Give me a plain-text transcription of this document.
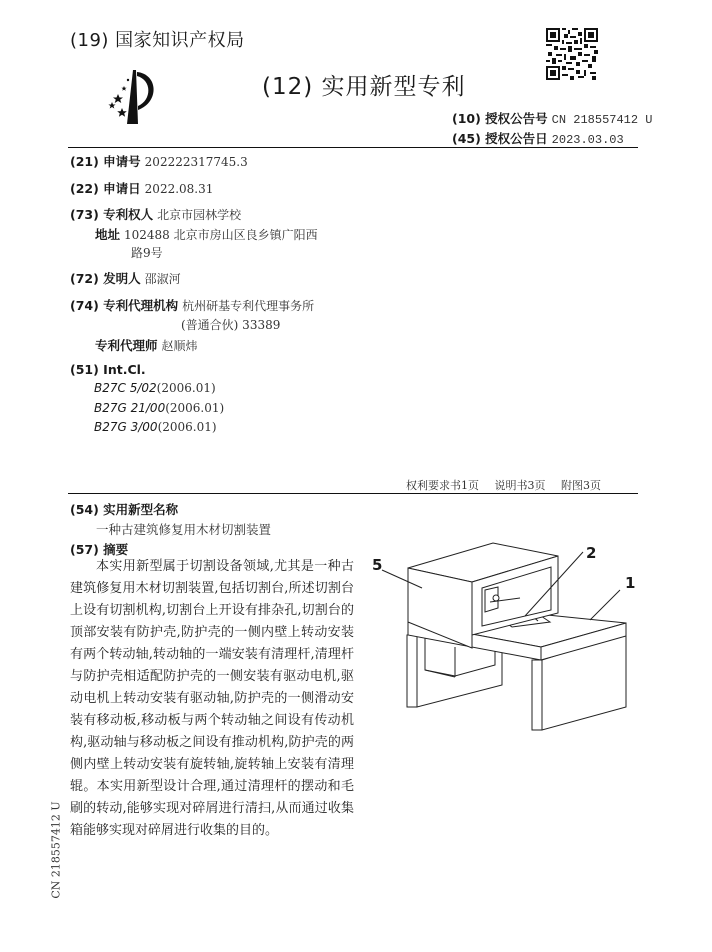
(19) 国家知识产权局
(12) 实用新型专利
(10) 授权公告号 CN 218557412 U
(45) 授权公告日 2023.03.03
(21) 申请号 202222317745.3
(22) 申请日 2022.08.31
(73) 专利权人 北京市园林学校
地址 102488 北京市房山区良乡镇广阳西
路9号
(72) 发明人 邵淑河
(74) 专利代理机构 杭州研基专利代理事务所
(普通合伙) 33389
专利代理师 赵顺炜
(51) Int.Cl.
B27C 5/02(2006.01)
B27G 21/00(2006.01)
B27G 3/00(2006.01)
权利要求书1页 说明书3页 附图3页
(54) 实用新型名称
一种古建筑修复用木材切割装置
(57) 摘要
本实用新型属于切割设备领域,尤其是一种古建筑修复用木材切割装置,包括切割台,所述切割台上设有切割机构,切割台上开设有排杂孔,切割台的顶部安装有防护壳,防护壳的一侧内壁上转动安装有两个转动轴,转动轴的一端安装有清理杆,清理杆与防护壳相适配防护壳的一侧安装有驱动电机,驱动电机上转动安装有驱动轴,防护壳的一侧滑动安装有移动板,移动板与两个转动轴之间设有传动机构,驱动轴与移动板之间设有推动机构,防护壳的两侧内壁上转动安装有旋转轴,旋转轴上安装有清理辊。本实用新型设计合理,通过清理杆的摆动和毛刷的转动,能够实现对碎屑进行清扫,从而通过收集箱能够实现对碎屑进行收集的目的。
5
2
1
CN 218557412 U
